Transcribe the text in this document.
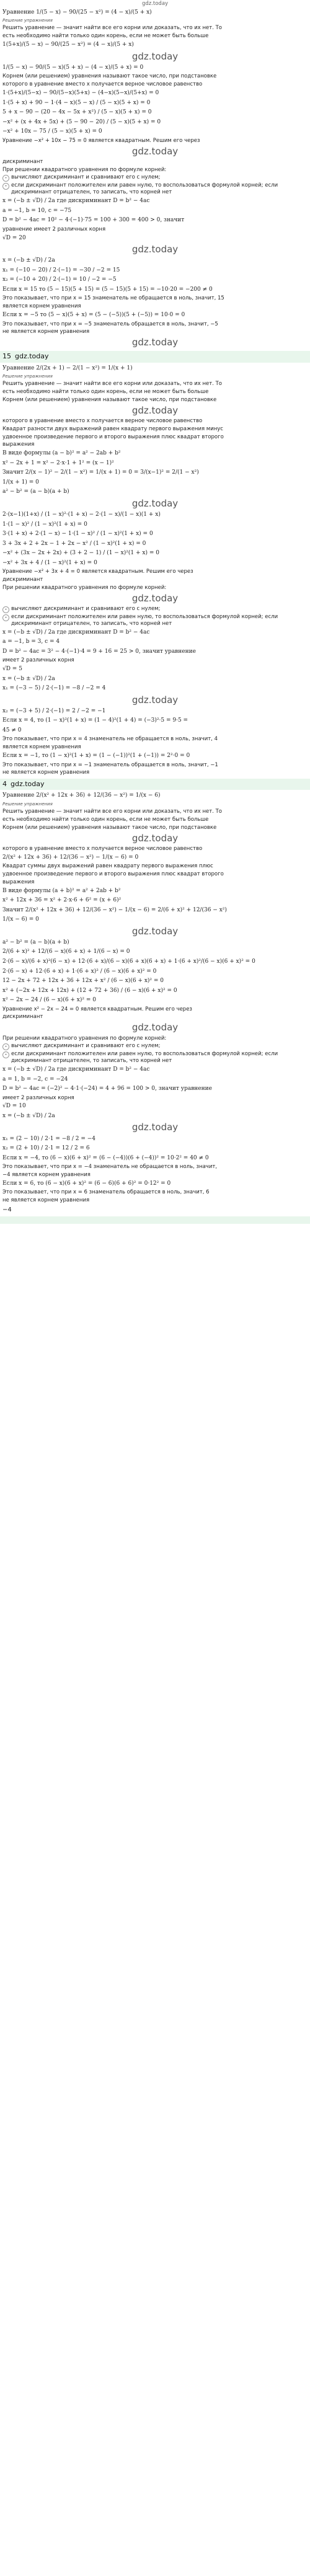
gdz.today
Уравнение 1/(5 − x) − 90/(25 − x²) = (4 − x)/(5 + x)
Решение упражнения
Решить уравнение — значит найти все его корни или доказать, что их нет. То
есть необходимо найти только один корень, если не может быть больше
1(5+x)/(5 − x) − 90/(25 − x²) = (4 − x)/(5 + x)
gdz.today
1/(5 − x) − 90/(5 − x)(5 + x) − (4 − x)/(5 + x) = 0
Корнем (или решением) уравнения называют такое число, при подстановке
которого в уравнение вместо x получается верное числовое равенство
1·(5+x)/(5−x) − 90/(5−x)(5+x) − (4−x)(5−x)/(5+x) = 0
1·(5 + x) + 90 − 1·(4 − x)(5 − x) / (5 − x)(5 + x) = 0
5 + x − 90 − (20 − 4x − 5x + x²) / (5 − x)(5 + x) = 0
−x² + (x + 4x + 5x) + (5 − 90 − 20) / (5 − x)(5 + x) = 0
−x² + 10x − 75 / (5 − x)(5 + x) = 0
Уравнение −x² + 10x − 75 = 0 является квадратным. Решим его через
gdz.today
дискриминант
При решении квадратного уравнения по формуле корней:
• вычисляют дискриминант и сравнивают его с нулем;
• если дискриминант положителен или равен нулю, то воспользоваться формулой корней; если дискриминант отрицателен, то записать, что корней нет
x = (−b ± √D) / 2a где дискриминант D = b² − 4ac
a = −1, b = 10, c = −75
D = b² − 4ac = 10² − 4·(−1)·75 = 100 + 300 = 400 > 0, значит
уравнение имеет 2 различных корня
√D = 20
gdz.today
x = (−b ± √D) / 2a
x₁ = (−10 − 20) / 2·(−1) = −30 / −2 = 15
x₂ = (−10 + 20) / 2·(−1) = 10 / −2 = −5
Если x = 15 то (5 − 15)(5 + 15) = (5 − 15)(5 + 15) = −10·20 = −200 ≠ 0
Это показывает, что при x = 15 знаменатель не обращается в ноль, значит, 15
является корнем уравнения
Если x = −5 то (5 − x)(5 + x) = (5 − (−5))(5 + (−5)) = 10·0 = 0
Это показывает, что при x = −5 знаменатель обращается в ноль, значит, −5
не является корнем уравнения
gdz.today
15 gdz.today
Уравнение 2/(2x + 1) − 2/(1 − x²) = 1/(x + 1)
Решение упражнения
Решить уравнение — значит найти все его корни или доказать, что их нет. То
есть необходимо найти только один корень, если не может быть больше
Корнем (или решением) уравнения называют такое число, при подстановке
gdz.today
которого в уравнение вместо x получается верное числовое равенство
Квадрат разности двух выражений равен квадрату первого выражения минус
удвоенное произведение первого и второго выражения плюс квадрат второго
выражения
В виде формулы (a − b)² = a² − 2ab + b²
x² − 2x + 1 = x² − 2·x·1 + 1² = (x − 1)²
Значит 2/(x − 1)² − 2/(1 − x²) = 1/(x + 1) = 0 = 3/(x−1)² = 2/(1 − x²)
1/(x + 1) = 0
a² − b² = (a − b)(a + b)
gdz.today
2·(x−1)(1+x) / (1 − x)²·(1 + x) − 2·(1 − x)/(1 − x)(1 + x)
1·(1 − x)² / (1 − x)²(1 + x) = 0
3·(1 + x) + 2·(1 − x) − 1·(1 − x)² / (1 − x)²(1 + x) = 0
3 + 3x + 2 + 2x − 1 + 2x − x² / (1 − x)²(1 + x) = 0
−x² + (3x − 2x + 2x) + (3 + 2 − 1) / (1 − x)²(1 + x) = 0
−x² + 3x + 4 / (1 − x)²(1 + x) = 0
Уравнение −x² + 3x + 4 = 0 является квадратным. Решим его через
дискриминант
При решении квадратного уравнения по формуле корней:
gdz.today
• вычисляют дискриминант и сравнивают его с нулем;
• если дискриминант положителен или равен нулю, то воспользоваться формулой корней; если дискриминант отрицателен, то записать, что корней нет
x = (−b ± √D) / 2a где дискриминант D = b² − 4ac
a = −1, b = 3, c = 4
D = b² − 4ac = 3² − 4·(−1)·4 = 9 + 16 = 25 > 0, значит уравнение
имеет 2 различных корня
√D = 5
x = (−b ± √D) / 2a
x₁ = (−3 − 5) / 2·(−1) = −8 / −2 = 4
gdz.today
x₂ = (−3 + 5) / 2·(−1) = 2 / −2 = −1
Если x = 4, то (1 − x)²(1 + x) = (1 − 4)²(1 + 4) = (−3)²·5 = 9·5 =
45 ≠ 0
Это показывает, что при x = 4 знаменатель не обращается в ноль, значит, 4
является корнем уравнения
Если x = −1, то (1 − x)²(1 + x) = (1 − (−1))²(1 + (−1)) = 2²·0 = 0
Это показывает, что при x = −1 знаменатель обращается в ноль, значит, −1
не является корнем уравнения
4 gdz.today
Уравнение 2/(x² + 12x + 36) + 12/(36 − x²) = 1/(x − 6)
Решение упражнения
Решить уравнение — значит найти все его корни или доказать, что их нет. То
есть необходимо найти только один корень, если не может быть больше
Корнем (или решением) уравнения называют такое число, при подстановке
gdz.today
которого в уравнение вместо x получается верное числовое равенство
2/(x² + 12x + 36) + 12/(36 − x²) − 1/(x − 6) = 0
Квадрат суммы двух выражений равен квадрату первого выражения плюс
удвоенное произведение первого и второго выражения плюс квадрат второго
выражения
В виде формулы (a + b)² = a² + 2ab + b²
x² + 12x + 36 = x² + 2·x·6 + 6² = (x + 6)²
Значит 2/(x² + 12x + 36) + 12/(36 − x²) − 1/(x − 6) = 2/(6 + x)² + 12/(36 − x²)
1/(x − 6) = 0
gdz.today
a² − b² = (a − b)(a + b)
2/(6 + x)² + 12/(6 − x)(6 + x) + 1/(6 − x) = 0
2·(6 − x)/(6 + x)²(6 − x) + 12·(6 + x)/(6 − x)(6 + x)(6 + x) + 1·(6 + x)²/(6 − x)(6 + x)² = 0
2·(6 − x) + 12·(6 + x) + 1·(6 + x)² / (6 − x)(6 + x)² = 0
12 − 2x + 72 + 12x + 36 + 12x + x² / (6 − x)(6 + x)² = 0
x² + (−2x + 12x + 12x) + (12 + 72 + 36) / (6 − x)(6 + x)² = 0
x² − 2x − 24 / (6 − x)(6 + x)² = 0
Уравнение x² − 2x − 24 = 0 является квадратным. Решим его через
дискриминант
gdz.today
При решении квадратного уравнения по формуле корней:
• вычисляют дискриминант и сравнивают его с нулем;
• если дискриминант положителен или равен нулю, то воспользоваться формулой корней; если дискриминант отрицателен, то записать, что корней нет
x = (−b ± √D) / 2a где дискриминант D = b² − 4ac
a = 1, b = −2, c = −24
D = b² − 4ac = (−2)² − 4·1·(−24) = 4 + 96 = 100 > 0, значит уравнение
имеет 2 различных корня
√D = 10
x = (−b ± √D) / 2a
gdz.today
x₁ = (2 − 10) / 2·1 = −8 / 2 = −4
x₂ = (2 + 10) / 2·1 = 12 / 2 = 6
Если x = −4, то (6 − x)(6 + x)² = (6 − (−4))(6 + (−4))² = 10·2² = 40 ≠ 0
Это показывает, что при x = −4 знаменатель не обращается в ноль, значит,
−4 является корнем уравнения
Если x = 6, то (6 − x)(6 + x)² = (6 − 6)(6 + 6)² = 0·12² = 0
Это показывает, что при x = 6 знаменатель обращается в ноль, значит, 6
не является корнем уравнения
−4
